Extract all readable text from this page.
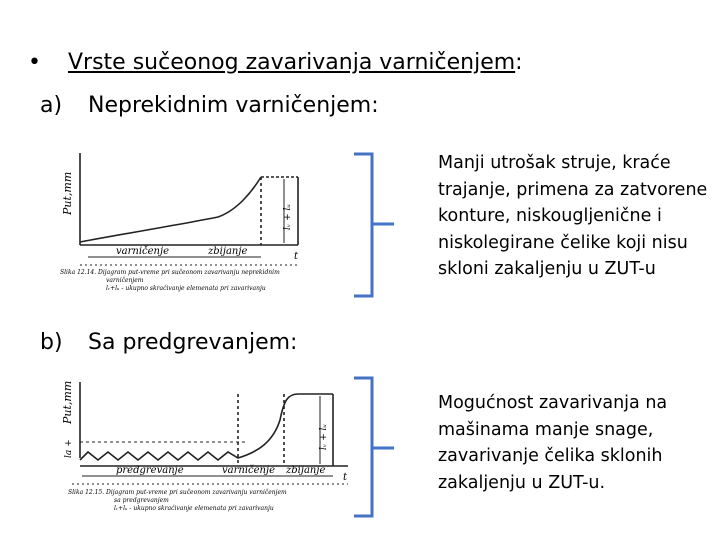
• Vrste sučeonog zavarivanja varničenjem:
a) Neprekidnim varničenjem:
Put,mm
lᵥ + lᵤ
varničenje	zbijanje	t
Slika 12.14. Dijagram put-vreme pri sučeonom zavarivanju neprekidnim
varničenjem
lᵥ+lᵤ - ukupno skraćivanje elemenata pri zavarivanju
Manji utrošak struje, kraće trajanje, primena za zatvorene konture, niskougljenične i niskolegirane čelike koji nisu skloni zakaljenju u ZUT-u
b) Sa predgrevanjem:
Put,mm
la +	lᵥ + lᵤ
predgrevanje	varničenje zbijanje
t
Slika 12.15. Dijagram put-vreme pri sučeonom zavarivanju varničenjem
sa predgrevanjem
lᵥ+lᵤ - ukupno skraćivanje elemenata pri zavarivanju
Mogućnost zavarivanja na mašinama manje snage, zavarivanje čelika sklonih zakaljenju u ZUT-u.
